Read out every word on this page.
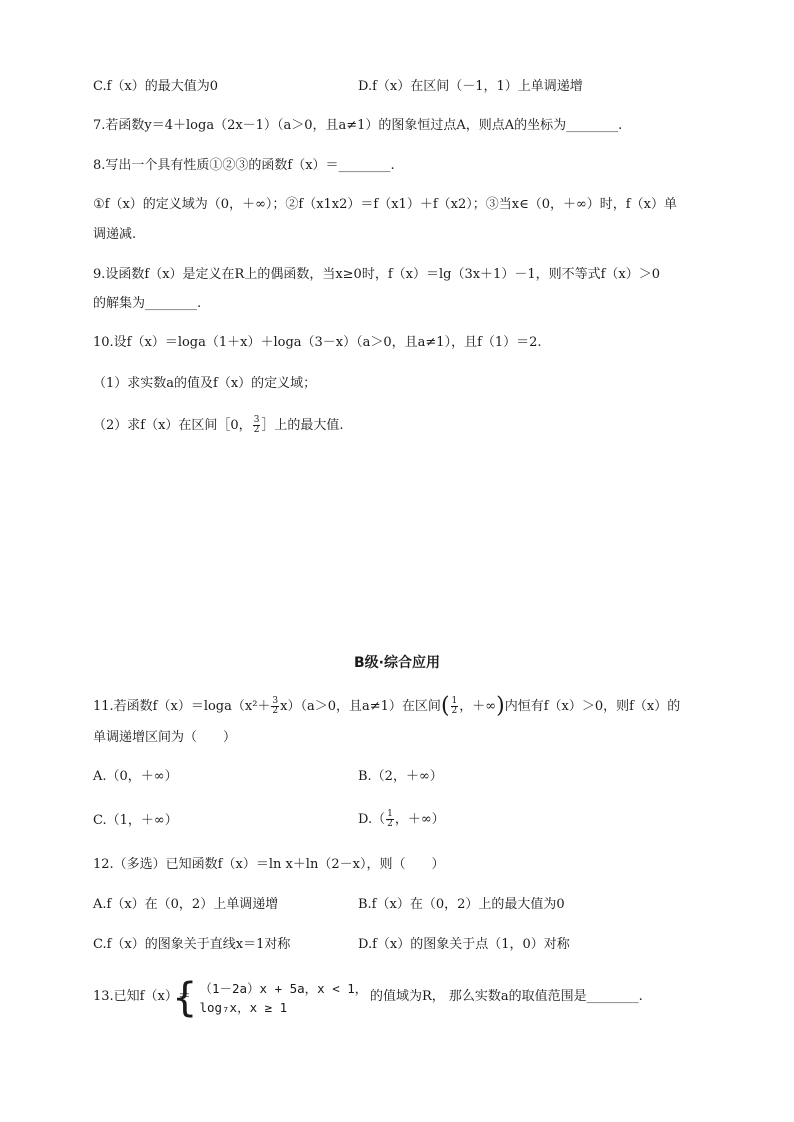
C.f（x）的最大值为0	D.f（x）在区间（－1，1）上单调递增
7.若函数y＝4＋loga（2x－1）（a＞0，且a≠1）的图象恒过点A，则点A的坐标为________.
8.写出一个具有性质①②③的函数f（x）＝________.
①f（x）的定义域为（0，＋∞）；②f（x1x2）＝f（x1）＋f（x2）；③当x∈（0，＋∞）时，f（x）单
调递减.
9.设函数f（x）是定义在R上的偶函数，当x≥0时，f（x）＝lg（3x＋1）－1，则不等式f（x）＞0
的解集为________.
10.设f（x）＝loga（1＋x）＋loga（3－x）（a＞0，且a≠1），且f（1）＝2.
（1）求实数a的值及f（x）的定义域；
（2）求f（x）在区间［0， $\frac{3}{2}$ ］上的最大值.
B级·综合应用
11.若函数$f(x)=\log a(x^2+ \frac{3}{2} x)(a>0$，且a≠1）在区间( $\frac{1}{2}$ ，＋∞)内恒有f（x）＞0，则f（x）的
单调递增区间为（　　）
A.（0，＋∞）	B.（2，＋∞）
C.（1，＋∞）	$D.( \frac{1}{2}$ ，＋∞）
12.（多选）已知函数f（x）＝ln x＋ln（2－x），则（　　）
A.f（x）在（0，2）上单调递增	B.f（x）在（0，2）上的最大值为0
C.f（x）的图象关于直线x＝1对称	D.f（x）的图象关于点（1，0）对称
13.已知f（x）＝
{ （1－2a）x + 5a，x < 1，
log₇x，x ≥ 1
的值域为R， 那么实数a的取值范围是________.
